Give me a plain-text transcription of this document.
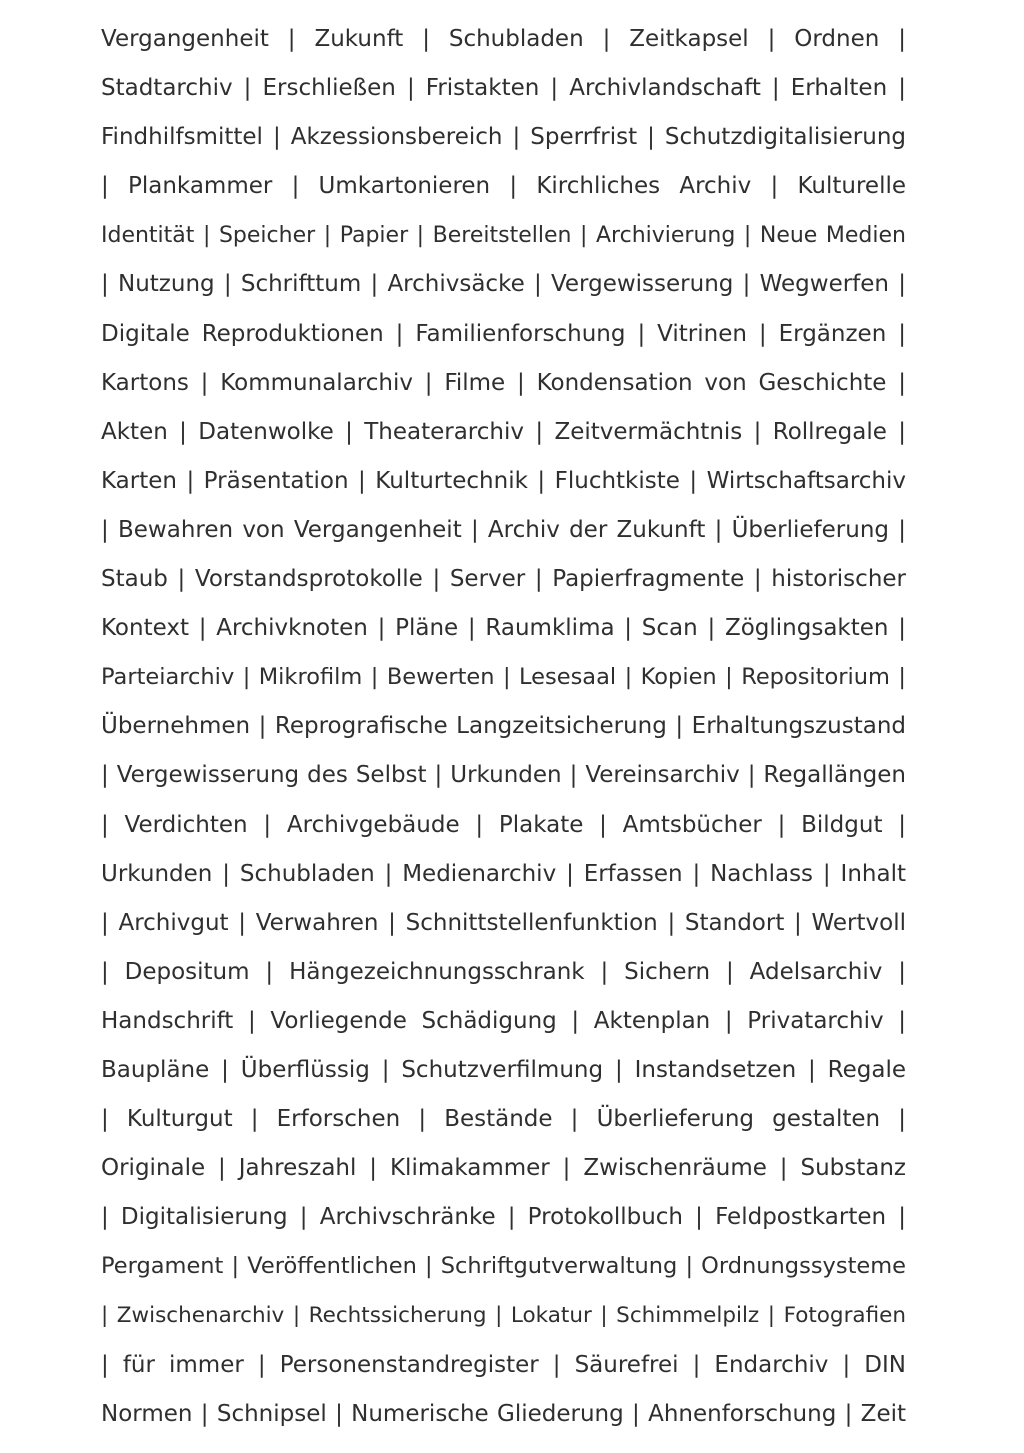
Vergangenheit | Zukunft | Schubladen | Zeitkapsel | Ordnen |
Stadtarchiv | Erschließen | Fristakten | Archivlandschaft | Erhalten |
Findhilfsmittel | Akzessionsbereich | Sperrfrist | Schutzdigitalisierung
| Plankammer | Umkartonieren | Kirchliches Archiv | Kulturelle
Identität | Speicher | Papier | Bereitstellen | Archivierung | Neue Medien
| Nutzung | Schrifttum | Archivsäcke | Vergewisserung | Wegwerfen |
Digitale Reproduktionen | Familienforschung | Vitrinen | Ergänzen |
Kartons | Kommunalarchiv | Filme | Kondensation von Geschichte |
Akten | Datenwolke | Theaterarchiv | Zeitvermächtnis | Rollregale |
Karten | Präsentation | Kulturtechnik | Fluchtkiste | Wirtschaftsarchiv
| Bewahren von Vergangenheit | Archiv der Zukunft | Überlieferung |
Staub | Vorstandsprotokolle | Server | Papierfragmente | historischer
Kontext | Archivknoten | Pläne | Raumklima | Scan | Zöglingsakten |
Parteiarchiv | Mikrofilm | Bewerten | Lesesaal | Kopien | Repositorium |
Übernehmen | Reprografische Langzeitsicherung | Erhaltungszustand
| Vergewisserung des Selbst | Urkunden | Vereinsarchiv | Regallängen
| Verdichten | Archivgebäude | Plakate | Amtsbücher | Bildgut |
Urkunden | Schubladen | Medienarchiv | Erfassen | Nachlass | Inhalt
| Archivgut | Verwahren | Schnittstellenfunktion | Standort | Wertvoll
| Depositum | Hängezeichnungsschrank | Sichern | Adelsarchiv |
Handschrift | Vorliegende Schädigung | Aktenplan | Privatarchiv |
Baupläne | Überflüssig | Schutzverfilmung | Instandsetzen | Regale
| Kulturgut | Erforschen | Bestände | Überlieferung gestalten |
Originale | Jahreszahl | Klimakammer | Zwischenräume | Substanz
| Digitalisierung | Archivschränke | Protokollbuch | Feldpostkarten |
Pergament | Veröffentlichen | Schriftgutverwaltung | Ordnungssysteme
| Zwischenarchiv | Rechtssicherung | Lokatur | Schimmelpilz | Fotografien
| für immer | Personenstandregister | Säurefrei | Endarchiv | DIN
Normen | Schnipsel | Numerische Gliederung | Ahnenforschung | Zeit
